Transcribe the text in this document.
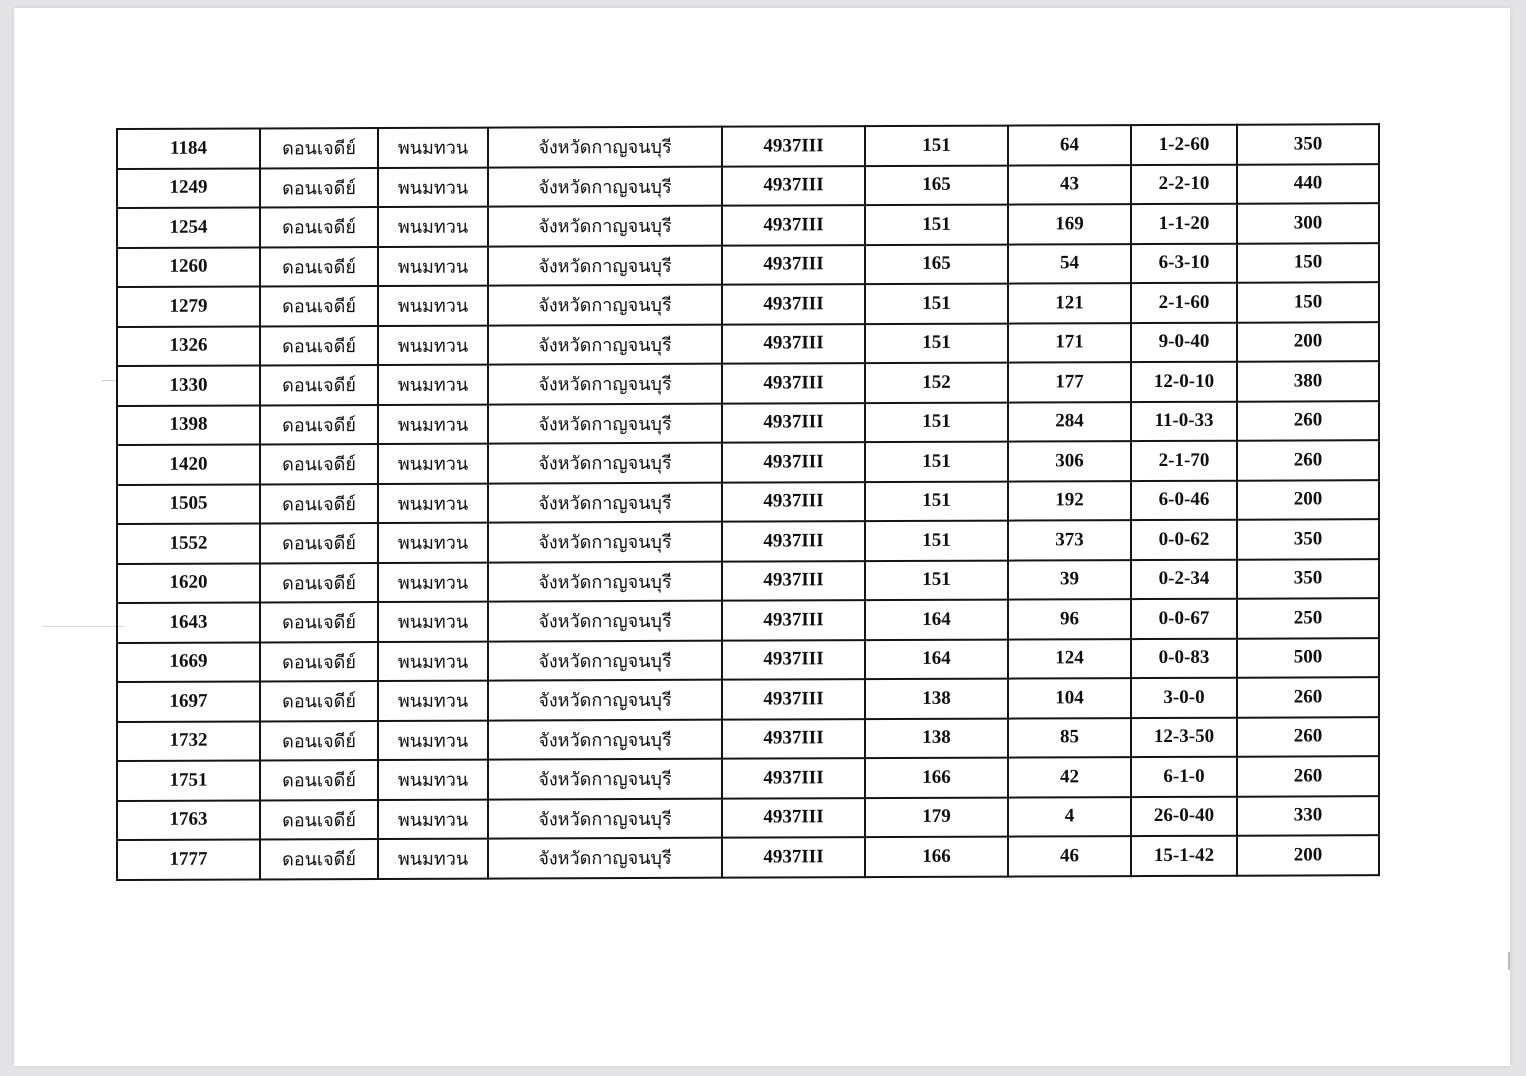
1184	ดอนเจดีย์	พนมทวน	จังหวัดกาญจนบุรี	4937III	151	64	1-2-60	350
1249	ดอนเจดีย์	พนมทวน	จังหวัดกาญจนบุรี	4937III	165	43	2-2-10	440
1254	ดอนเจดีย์	พนมทวน	จังหวัดกาญจนบุรี	4937III	151	169	1-1-20	300
1260	ดอนเจดีย์	พนมทวน	จังหวัดกาญจนบุรี	4937III	165	54	6-3-10	150
1279	ดอนเจดีย์	พนมทวน	จังหวัดกาญจนบุรี	4937III	151	121	2-1-60	150
1326	ดอนเจดีย์	พนมทวน	จังหวัดกาญจนบุรี	4937III	151	171	9-0-40	200
1330	ดอนเจดีย์	พนมทวน	จังหวัดกาญจนบุรี	4937III	152	177	12-0-10	380
1398	ดอนเจดีย์	พนมทวน	จังหวัดกาญจนบุรี	4937III	151	284	11-0-33	260
1420	ดอนเจดีย์	พนมทวน	จังหวัดกาญจนบุรี	4937III	151	306	2-1-70	260
1505	ดอนเจดีย์	พนมทวน	จังหวัดกาญจนบุรี	4937III	151	192	6-0-46	200
1552	ดอนเจดีย์	พนมทวน	จังหวัดกาญจนบุรี	4937III	151	373	0-0-62	350
1620	ดอนเจดีย์	พนมทวน	จังหวัดกาญจนบุรี	4937III	151	39	0-2-34	350
1643	ดอนเจดีย์	พนมทวน	จังหวัดกาญจนบุรี	4937III	164	96	0-0-67	250
1669	ดอนเจดีย์	พนมทวน	จังหวัดกาญจนบุรี	4937III	164	124	0-0-83	500
1697	ดอนเจดีย์	พนมทวน	จังหวัดกาญจนบุรี	4937III	138	104	3-0-0	260
1732	ดอนเจดีย์	พนมทวน	จังหวัดกาญจนบุรี	4937III	138	85	12-3-50	260
1751	ดอนเจดีย์	พนมทวน	จังหวัดกาญจนบุรี	4937III	166	42	6-1-0	260
1763	ดอนเจดีย์	พนมทวน	จังหวัดกาญจนบุรี	4937III	179	4	26-0-40	330
1777	ดอนเจดีย์	พนมทวน	จังหวัดกาญจนบุรี	4937III	166	46	15-1-42	200
